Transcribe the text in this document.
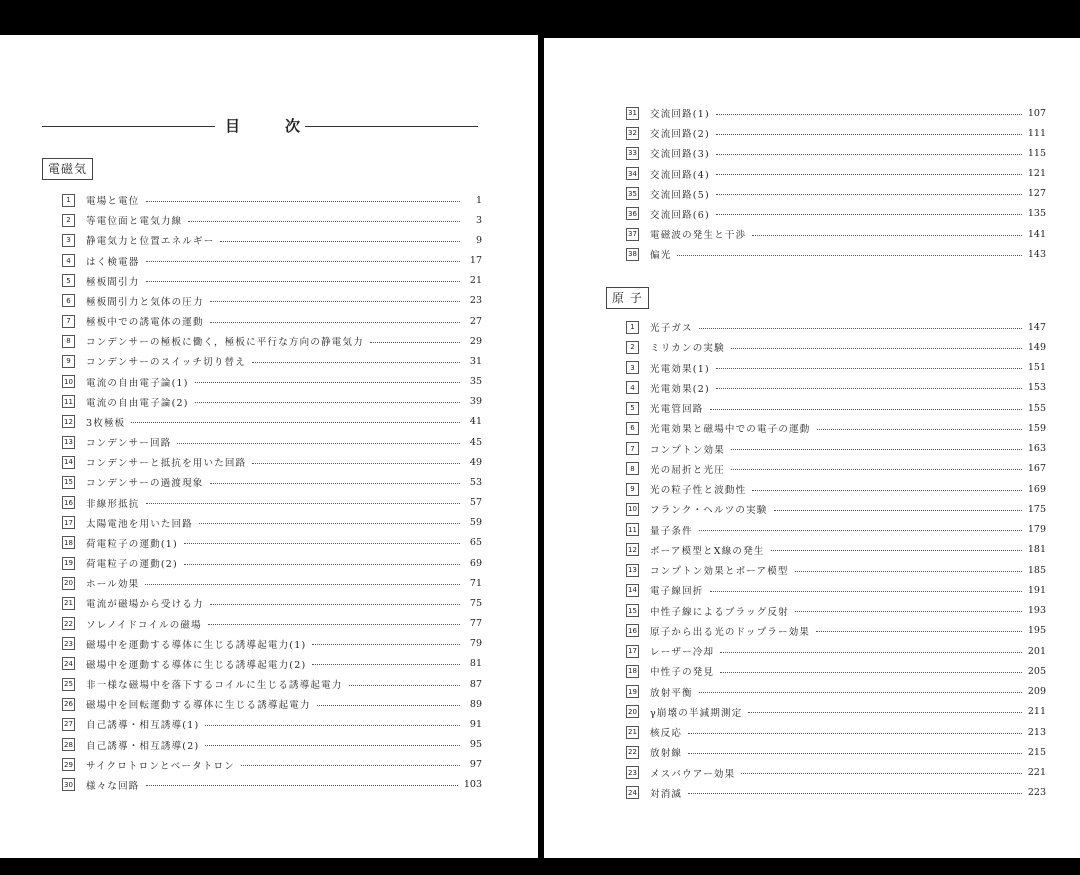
目	次
電磁気
1	電場と電位	1
2	等電位面と電気力線	3
3	静電気力と位置エネルギー	9
4	はく検電器	17
5	極板間引力	21
6	極板間引力と気体の圧力	23
7	極板中での誘電体の運動	27
8	コンデンサーの極板に働く，極板に平行な方向の静電気力	29
9	コンデンサーのスイッチ切り替え	31
10 電流の自由電子論(1)	35
11 電流の自由電子論(2)	39
12 3枚極板	41
13 コンデンサー回路	45
14 コンデンサーと抵抗を用いた回路	49
15 コンデンサーの過渡現象	53
16 非線形抵抗	57
17 太陽電池を用いた回路	59
18 荷電粒子の運動(1)	65
19 荷電粒子の運動(2)	69
20 ホール効果	71
21 電流が磁場から受ける力	75
22 ソレノイドコイルの磁場	77
23 磁場中を運動する導体に生じる誘導起電力(1)	79
24 磁場中を運動する導体に生じる誘導起電力(2)	81
25 非一様な磁場中を落下するコイルに生じる誘導起電力	87
26 磁場中を回転運動する導体に生じる誘導起電力	89
27 自己誘導・相互誘導(1)	91
28 自己誘導・相互誘導(2)	95
29 サイクロトロンとベータトロン	97
30 様々な回路	103
原 子
31 交流回路(1)	107
32 交流回路(2)	111
33 交流回路(3)	115
34 交流回路(4)	121
35 交流回路(5)	127
36 交流回路(6)	135
37 電磁波の発生と干渉	141
38 偏光	143
1	光子ガス	147
2	ミリカンの実験	149
3	光電効果(1)	151
4	光電効果(2)	153
5	光電管回路	155
6	光電効果と磁場中での電子の運動	159
7	コンプトン効果	163
8	光の屈折と光圧	167
9	光の粒子性と波動性	169
10 フランク・ヘルツの実験	175
11 量子条件	179
12 ボーア模型とX線の発生	181
13 コンプトン効果とボーア模型	185
14 電子線回折	191
15 中性子線によるブラッグ反射	193
16 原子から出る光のドップラー効果	195
17 レーザー冷却	201
18 中性子の発見	205
19 放射平衡	209
20 γ崩壊の半減期測定	211
21 核反応	213
22 放射線	215
23 メスバウアー効果	221
24 対消滅	223
